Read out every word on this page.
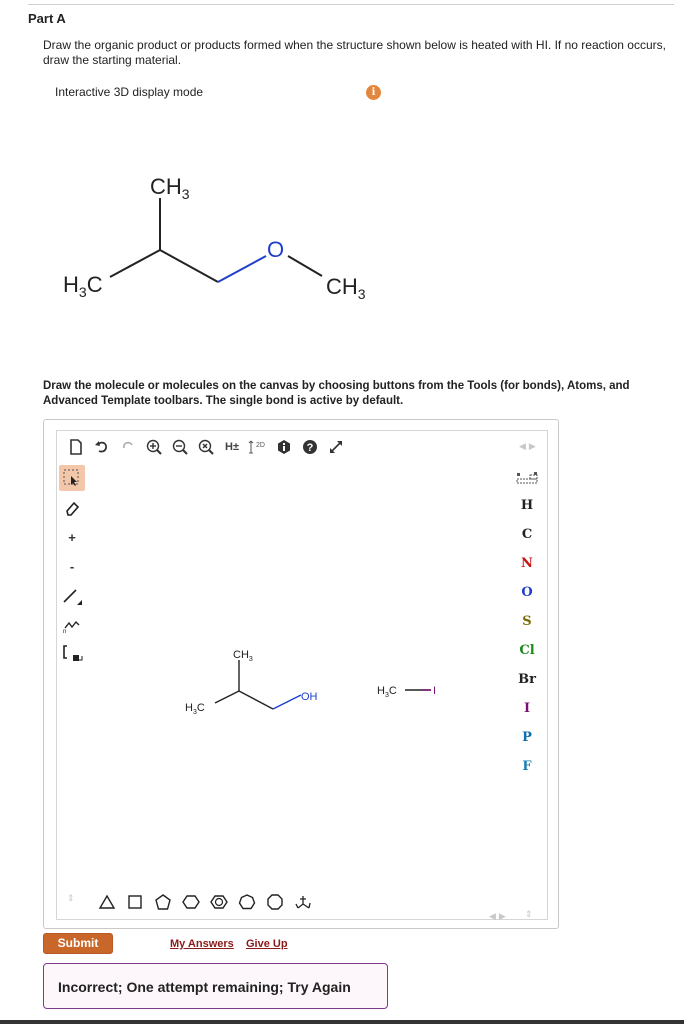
Part A
Draw the organic product or products formed when the structure shown below is heated with HI. If no reaction occurs, draw the starting material.
Interactive 3D display mode	i
$CH_3$
$H_3C$
O
$CH_3$
Draw the molecule or molecules on the canvas by choosing buttons from the Tools (for bonds), Atoms, and Advanced Template toolbars. The single bond is active by default.
H± 2D	?	◀▶
+
-
n
$CH_3$
$H_3C$
OH	$H_3C$	I
H
C
N
O
S
Cl
Br
I
P
F
⇕
◀▶ ⇕
Submit	My Answers Give Up
Incorrect; One attempt remaining; Try Again
